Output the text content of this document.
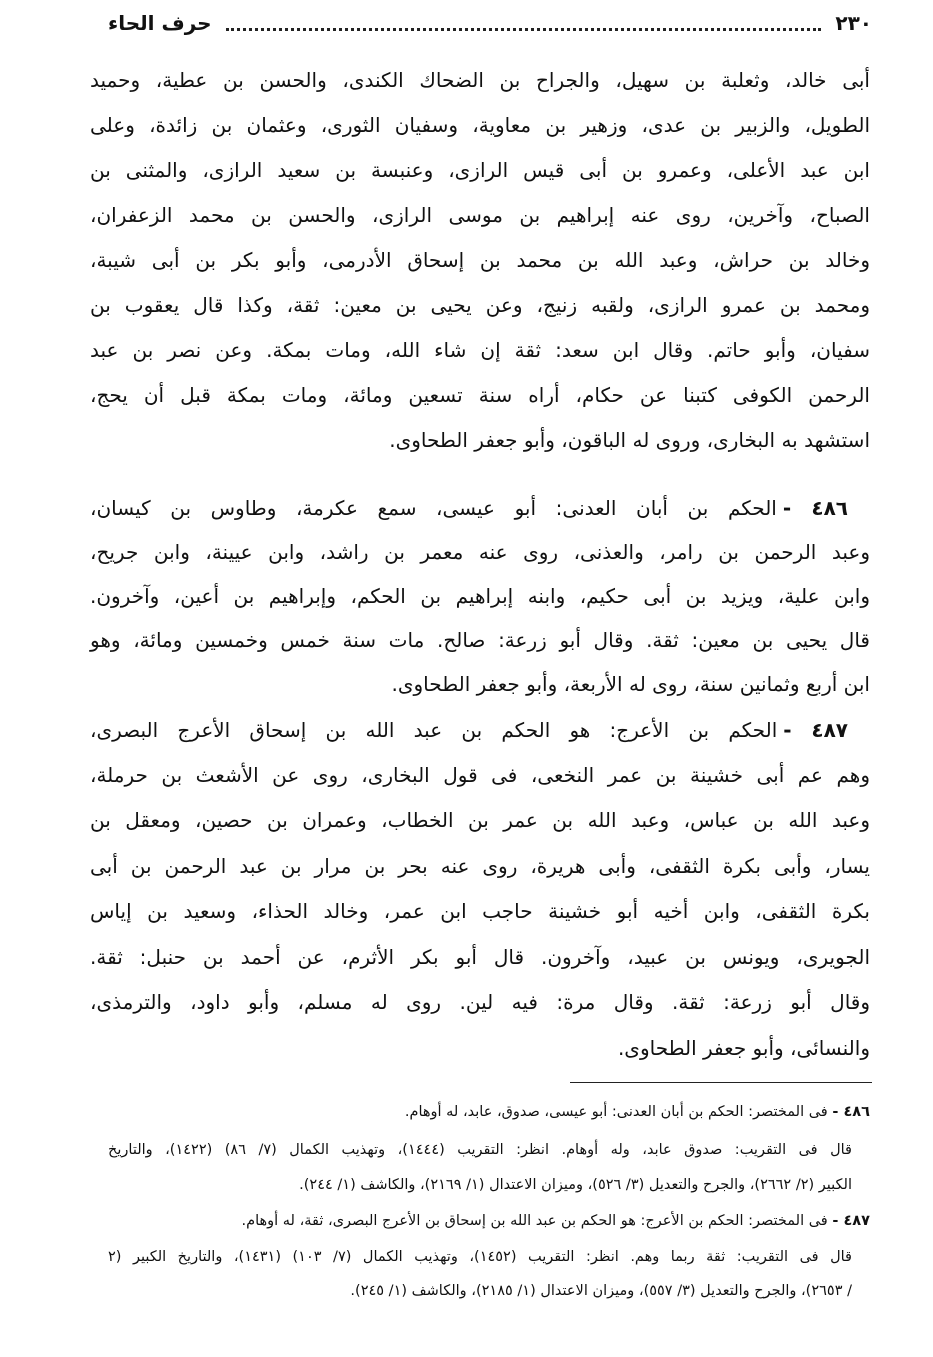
٢٣٠
حرف الحاء
أبى خالد، وثعلبة بن سهيل، والجراح بن الضحاك الكندى، والحسن بن عطية، وحميد
الطويل، والزبير بن عدى، وزهير بن معاوية، وسفيان الثورى، وعثمان بن زائدة، وعلى
ابن عبد الأعلى، وعمرو بن أبى قيس الرازى، وعنبسة بن سعيد الرازى، والمثنى بن
الصباح، وآخرين، روى عنه إبراهيم بن موسى الرازى، والحسن بن محمد الزعفران،
وخالد بن حراش، وعبد الله بن محمد بن إسحاق الأدرمى، وأبو بكر بن أبى شيبة،
ومحمد بن عمرو الرازى، ولقبه زنيج، وعن يحيى بن معين: ثقة، وكذا قال يعقوب بن
سفيان، وأبو حاتم. وقال ابن سعد: ثقة إن شاء الله، ومات بمكة. وعن نصر بن عبد
الرحمن الكوفى كتبنا عن حكام، أراه سنة تسعين ومائة، ومات بمكة قبل أن يحج،
استشهد به البخارى، وروى له الباقون، وأبو جعفر الطحاوى.
٤٨٦ -الحكم بن أبان العدنى: أبو عيسى، سمع عكرمة، وطاوس بن كيسان،
وعبد الرحمن بن رامر، والعذنى، روى عنه معمر بن راشد، وابن عيينة، وابن جريح،
وابن علية، ويزيد بن أبى حكيم، وابنه إبراهيم بن الحكم، وإبراهيم بن أعين، وآخرون.
قال يحيى بن معين: ثقة. وقال أبو زرعة: صالح. مات سنة خمس وخمسين ومائة، وهو
ابن أربع وثمانين سنة، روى له الأربعة، وأبو جعفر الطحاوى.
٤٨٧ -الحكم بن الأعرج: هو الحكم بن عبد الله بن إسحاق الأعرج البصرى،
وهم عم أبى خشينة بن عمر النخعى، فى قول البخارى، روى عن الأشعث بن حرملة،
وعبد الله بن عباس، وعبد الله بن عمر بن الخطاب، وعمران بن حصين، ومعقل بن
يسار، وأبى بكرة الثقفى، وأبى هريرة، روى عنه بحر بن مرار بن عبد الرحمن بن أبى
بكرة الثقفى، وابن أخيه أبو خشينة حاجب ابن عمر، وخالد الحذاء، وسعيد بن إياس
الجويرى، ويونس بن عبيد، وآخرون. قال أبو بكر الأثرم، عن أحمد بن حنبل: ثقة.
وقال أبو زرعة: ثقة. وقال مرة: فيه لين. روى له مسلم، وأبو داود، والترمذى،
والنسائى، وأبو جعفر الطحاوى.
٤٨٦ - فى المختصر: الحكم بن أبان العدنى: أبو عيسى، صدوق، عابد، له أوهام.
قال فى التقريب: صدوق عابد، وله أوهام. انظر: التقريب (١٤٤٤)، وتهذيب الكمال (٧/ ٨٦) (١٤٢٢)، والتاريخ
الكبير (٢/ ٢٦٦٢)، والجرح والتعديل (٣/ ٥٢٦)، وميزان الاعتدال (١/ ٢١٦٩)، والكاشف (١/ ٢٤٤).
٤٨٧ - فى المختصر: الحكم بن الأعرج: هو الحكم بن عبد الله بن إسحاق بن الأعرج البصرى، ثقة، له أوهام.
قال فى التقريب: ثقة ربما وهم. انظر: التقريب (١٤٥٢)، وتهذيب الكمال (٧/ ١٠٣) (١٤٣١)، والتاريخ الكبير (٢
/ ٢٦٥٣)، والجرح والتعديل (٣/ ٥٥٧)، وميزان الاعتدال (١/ ٢١٨٥)، والكاشف (١/ ٢٤٥).
